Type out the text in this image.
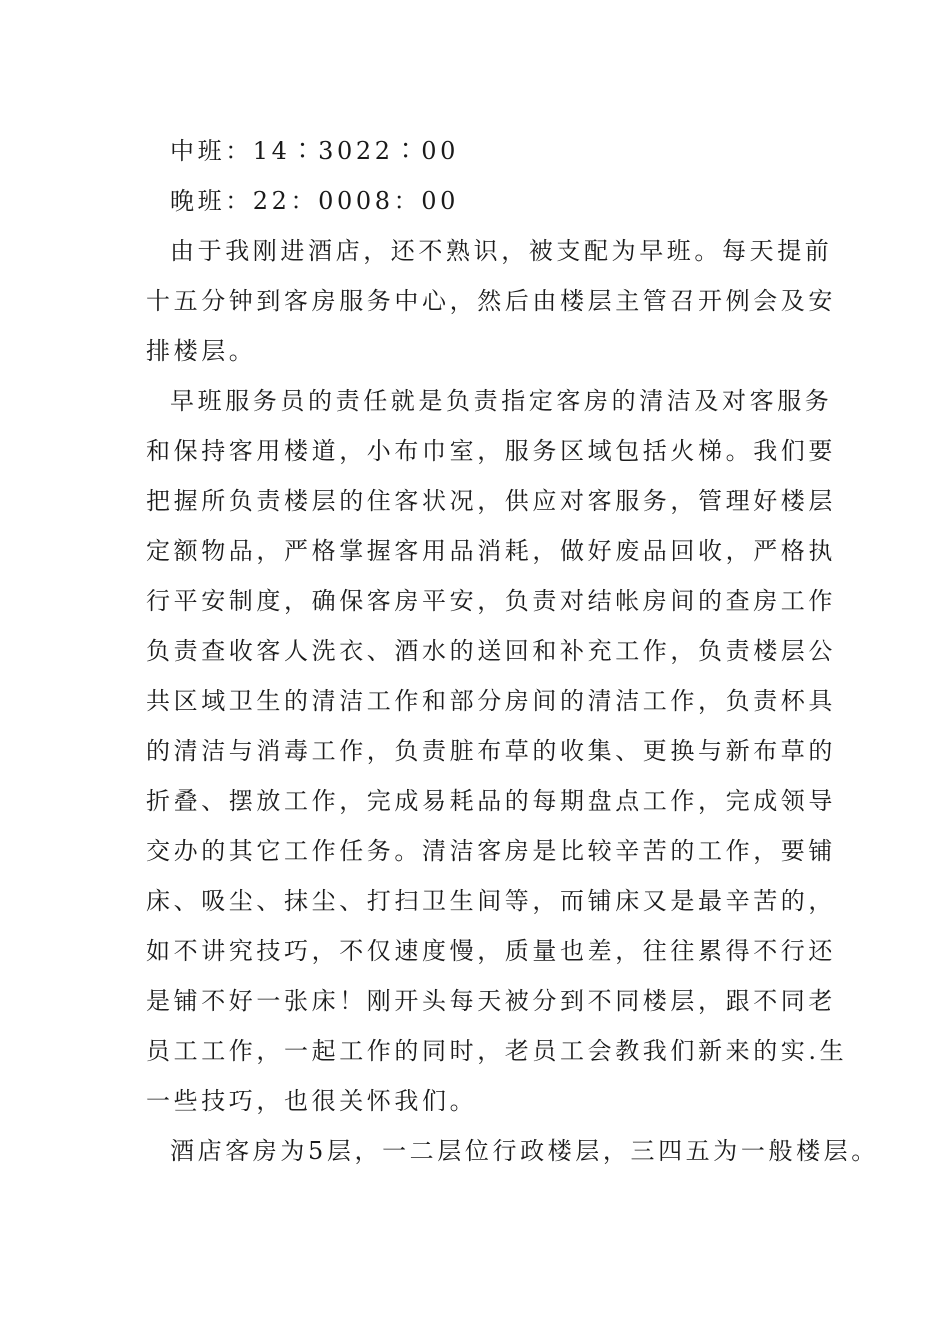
中班：14∶3022∶00
晚班：22：0008：00
由于我刚进酒店，还不熟识，被支配为早班。每天提前
十五分钟到客房服务中心，然后由楼层主管召开例会及安
排楼层。
早班服务员的责任就是负责指定客房的清洁及对客服务
和保持客用楼道，小布巾室，服务区域包括火梯。我们要
把握所负责楼层的住客状况，供应对客服务，管理好楼层
定额物品，严格掌握客用品消耗，做好废品回收，严格执
行平安制度，确保客房平安，负责对结帐房间的查房工作
负责查收客人洗衣、酒水的送回和补充工作，负责楼层公
共区域卫生的清洁工作和部分房间的清洁工作，负责杯具
的清洁与消毒工作，负责脏布草的收集、更换与新布草的
折叠、摆放工作，完成易耗品的每期盘点工作，完成领导
交办的其它工作任务。清洁客房是比较辛苦的工作，要铺
床、吸尘、抹尘、打扫卫生间等，而铺床又是最辛苦的，
如不讲究技巧，不仅速度慢，质量也差，往往累得不行还
是铺不好一张床！刚开头每天被分到不同楼层，跟不同老
员工工作，一起工作的同时，老员工会教我们新来的实.生
一些技巧，也很关怀我们。
酒店客房为5层，一二层位行政楼层，三四五为一般楼层。
